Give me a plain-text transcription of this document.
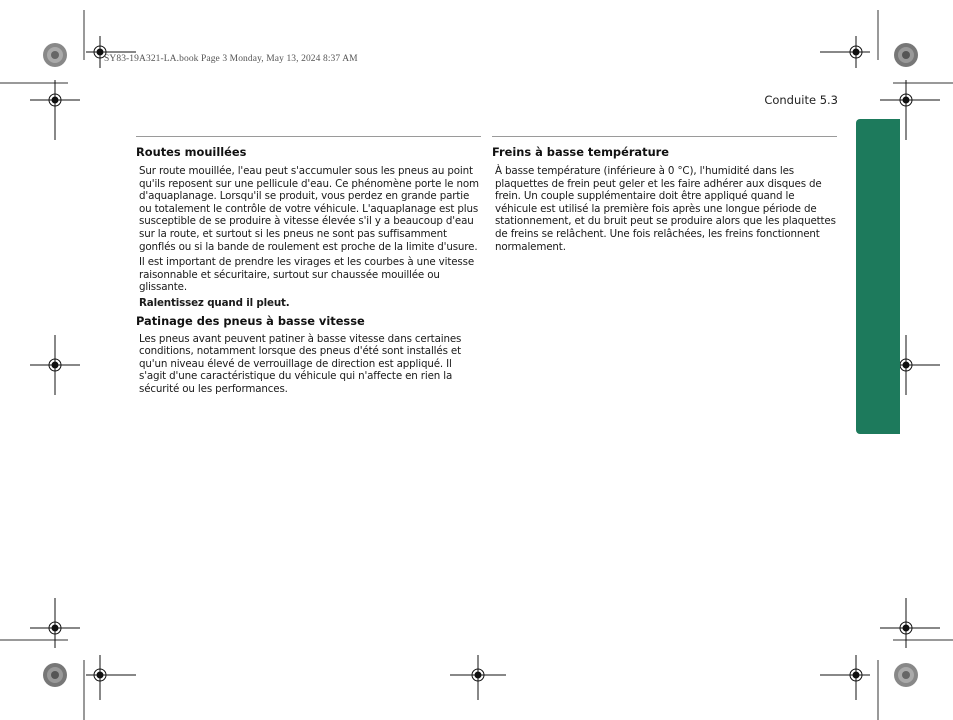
SY83-19A321-LA.book Page 3 Monday, May 13, 2024 8:37 AM
Conduite 5.3
Routes mouillées

Sur route mouillée, l'eau peut s'accumuler sous les pneus au point qu'ils reposent sur une pellicule d'eau. Ce phénomène porte le nom d'aquaplanage. Lorsqu'il se produit, vous perdez en grande partie ou totalement le contrôle de votre véhicule. L'aquaplanage est plus susceptible de se produire à vitesse élevée s'il y a beaucoup d'eau sur la route, et surtout si les pneus ne sont pas suffisamment gonflés ou si la bande de roulement est proche de la limite d'usure.

Il est important de prendre les virages et les courbes à une vitesse raisonnable et sécuritaire, surtout sur chaussée mouillée ou glissante.

Ralentissez quand il pleut.

Patinage des pneus à basse vitesse

Les pneus avant peuvent patiner à basse vitesse dans certaines conditions, notamment lorsque des pneus d'été sont installés et qu'un niveau élevé de verrouillage de direction est appliqué. Il s'agit d'une caractéristique du véhicule qui n'affecte en rien la sécurité ou les performances.

Freins à basse température

À basse température (inférieure à 0 °C), l'humidité dans les plaquettes de frein peut geler et les faire adhérer aux disques de frein. Un couple supplémentaire doit être appliqué quand le véhicule est utilisé la première fois après une longue période de stationnement, et du bruit peut se produire alors que les plaquettes de freins se relâchent. Une fois relâchées, les freins fonctionnent normalement.
